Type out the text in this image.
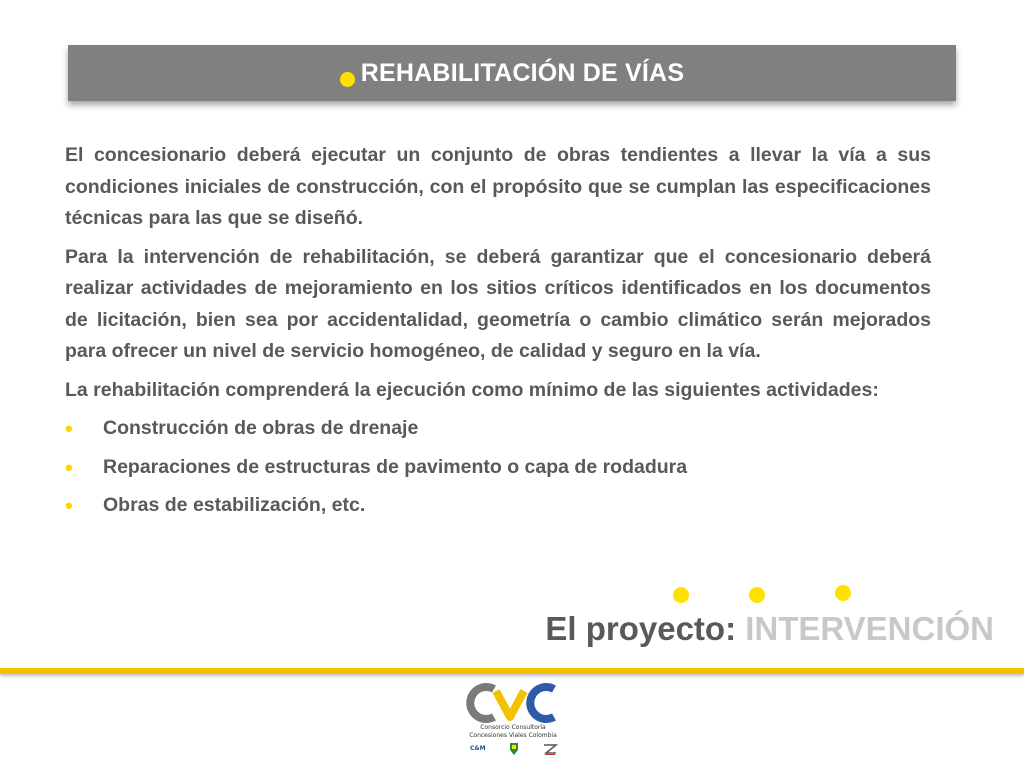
REHABILITACIÓN DE VÍAS

El concesionario deberá ejecutar un conjunto de obras tendientes a llevar la vía a sus condiciones iniciales de construcción, con el propósito que se cumplan las especificaciones técnicas para las que se diseñó.

Para la intervención de rehabilitación, se deberá garantizar que el concesionario deberá realizar actividades de mejoramiento en los sitios críticos identificados en los documentos de licitación, bien sea por accidentalidad, geometría o cambio climático serán mejorados para ofrecer un nivel de servicio homogéneo, de calidad y seguro en la vía.

La rehabilitación comprenderá la ejecución como mínimo de las siguientes actividades:

• Construcción de obras de drenaje
• Reparaciones de estructuras de pavimento o capa de rodadura
• Obras de estabilización, etc.
El proyecto: INTERVENCIÓN
Consorcio Consultoría
Concesiones Viales Colombia
C&M
